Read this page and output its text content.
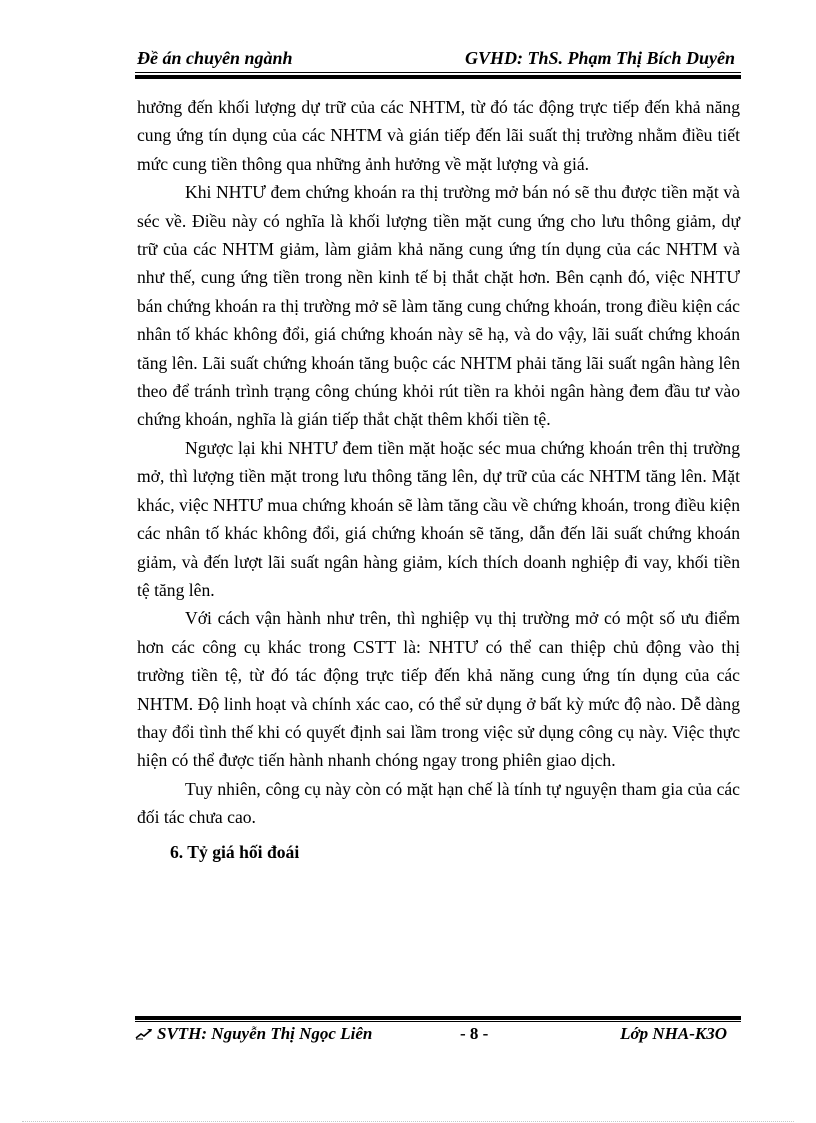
Đề án chuyên ngành	GVHD: ThS. Phạm Thị Bích Duyên

hưởng đến khối lượng dự trữ của các NHTM, từ đó tác động trực tiếp đến khả năng cung ứng tín dụng của các NHTM và gián tiếp đến lãi suất thị trường nhằm điều tiết mức cung tiền thông qua những ảnh hưởng về mặt lượng và giá.

Khi NHTƯ đem chứng khoán ra thị trường mở bán nó sẽ thu được tiền mặt và séc về. Điều này có nghĩa là khối lượng tiền mặt cung ứng cho lưu thông giảm, dự trữ của các NHTM giảm, làm giảm khả năng cung ứng tín dụng của các NHTM và như thế, cung ứng tiền trong nền kinh tế bị thắt chặt hơn. Bên cạnh đó, việc NHTƯ bán chứng khoán ra thị trường mở sẽ làm tăng cung chứng khoán, trong điều kiện các nhân tố khác không đổi, giá chứng khoán này sẽ hạ, và do vậy, lãi suất chứng khoán tăng lên. Lãi suất chứng khoán tăng buộc các NHTM phải tăng lãi suất ngân hàng lên theo để tránh trình trạng công chúng khỏi rút tiền ra khỏi ngân hàng đem đầu tư vào chứng khoán, nghĩa là gián tiếp thắt chặt thêm khối tiền tệ.

Ngược lại khi NHTƯ đem tiền mặt hoặc séc mua chứng khoán trên thị trường mở, thì lượng tiền mặt trong lưu thông tăng lên, dự trữ của các NHTM tăng lên. Mặt khác, việc NHTƯ mua chứng khoán sẽ làm tăng cầu về chứng khoán, trong điều kiện các nhân tố khác không đổi, giá chứng khoán sẽ tăng, dẫn đến lãi suất chứng khoán giảm, và đến lượt lãi suất ngân hàng giảm, kích thích doanh nghiệp đi vay, khối tiền tệ tăng lên.

Với cách vận hành như trên, thì nghiệp vụ thị trường mở có một số ưu điểm hơn các công cụ khác trong CSTT là: NHTƯ có thể can thiệp chủ động vào thị trường tiền tệ, từ đó tác động trực tiếp đến khả năng cung ứng tín dụng của các NHTM. Độ linh hoạt và chính xác cao, có thể sử dụng ở bất kỳ mức độ nào. Dễ dàng thay đổi tình thế khi có quyết định sai lầm trong việc sử dụng công cụ này. Việc thực hiện có thể được tiến hành nhanh chóng ngay trong phiên giao dịch.

Tuy nhiên, công cụ này còn có mặt hạn chế là tính tự nguyện tham gia của các đối tác chưa cao.

6. Tỷ giá hối đoái

SVTH: Nguyễn Thị Ngọc Liên	- 8 -	Lớp NHA-K3O
